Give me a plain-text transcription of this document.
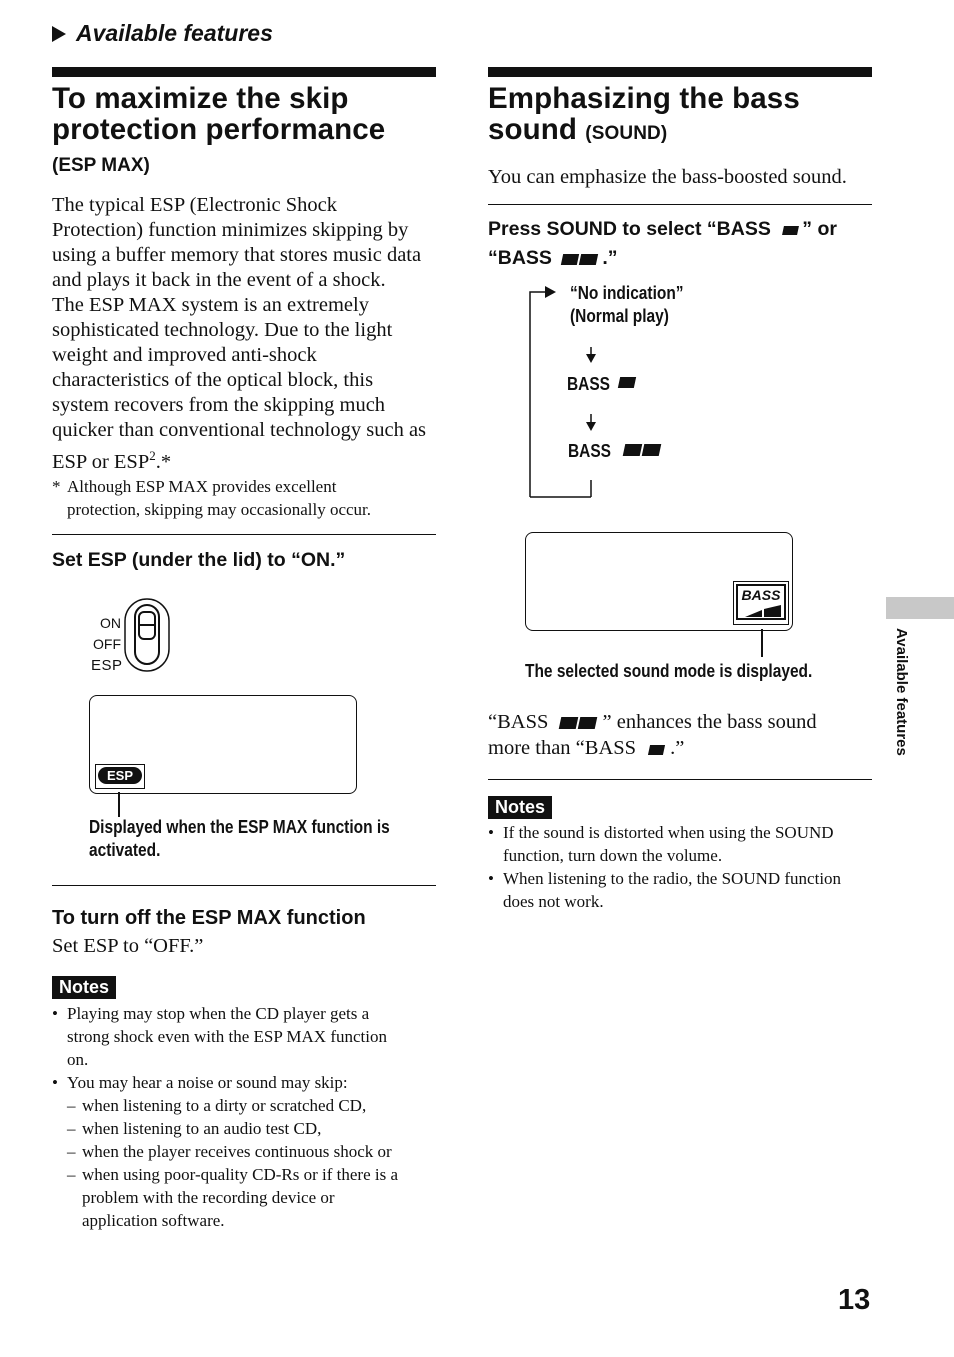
Available features
To maximize the skip protection performance
(ESP MAX)
The typical ESP (Electronic Shock
Protection) function minimizes skipping by
using a buffer memory that stores music data
and plays it back in the event of a shock.
The ESP MAX system is an extremely
sophisticated technology. Due to the light
weight and improved anti-shock
characteristics of the optical block, this
system recovers from the skipping much
quicker than conventional technology such as
ESP or ESP$^2$.*
* Although ESP MAX provides excellent
protection, skipping may occasionally occur.
Set ESP (under the lid) to “ON.”
ON
OFF
ESP
ESP
Displayed when the ESP MAX function is
activated.
To turn off the ESP MAX function
Set ESP to “OFF.”
Notes
• Playing may stop when the CD player gets a
strong shock even with the ESP MAX function
on.
• You may hear a noise or sound may skip:
– when listening to a dirty or scratched CD,
– when listening to an audio test CD,
– when the player receives continuous shock or
– when using poor-quality CD-Rs or if there is a
problem with the recording device or
application software.
Emphasizing the bass
sound (SOUND)
You can emphasize the bass-boosted sound.
Press SOUND to select “BASS ” or
“BASS	.”
“No indication”
(Normal play)
BASS
BASS
BASS
The selected sound mode is displayed.
“BASS	” enhances the bass sound
more than “BASS .”
Notes
• If the sound is distorted when using the SOUND
function, turn down the volume.
• When listening to the radio, the SOUND function
does not work.
Available features
13
